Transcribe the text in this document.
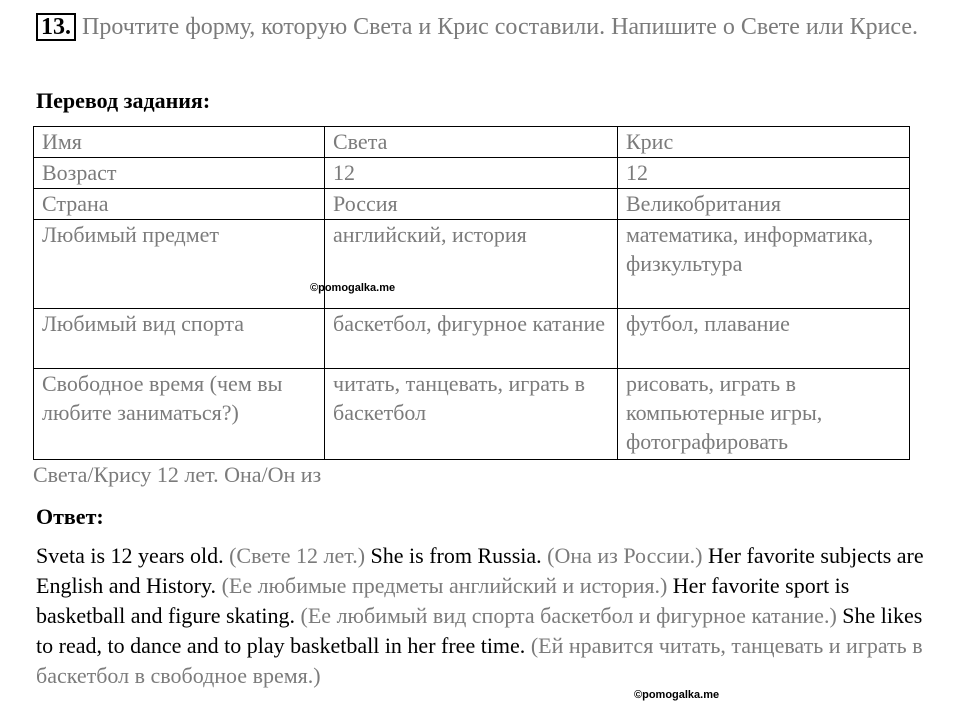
13. Прочтите форму, которую Света и Крис составили. Напишите о Свете или Крисе.
Перевод задания:
Имя	Света	Крис
Возраст	12	12
Страна	Россия	Великобритания
Любимый предмет	английский, история	математика, информатика, физкультура
Любимый вид спорта	баскетбол, фигурное катание	футбол, плавание
Свободное время (чем вы любите заниматься?)	читать, танцевать, играть в баскетбол	рисовать, играть в компьютерные игры, фотографировать
©pomogalka.me
Света/Крису 12 лет. Она/Он из
Ответ:
Sveta is 12 years old. (Свете 12 лет.) She is from Russia. (Она из России.) Her favorite subjects are English and History. (Ее любимые предметы английский и история.) Her favorite sport is basketball and figure skating. (Ее любимый вид спорта баскетбол и фигурное катание.) She likes to read, to dance and to play basketball in her free time. (Ей нравится читать, танцевать и играть в баскетбол в свободное время.)
©pomogalka.me
